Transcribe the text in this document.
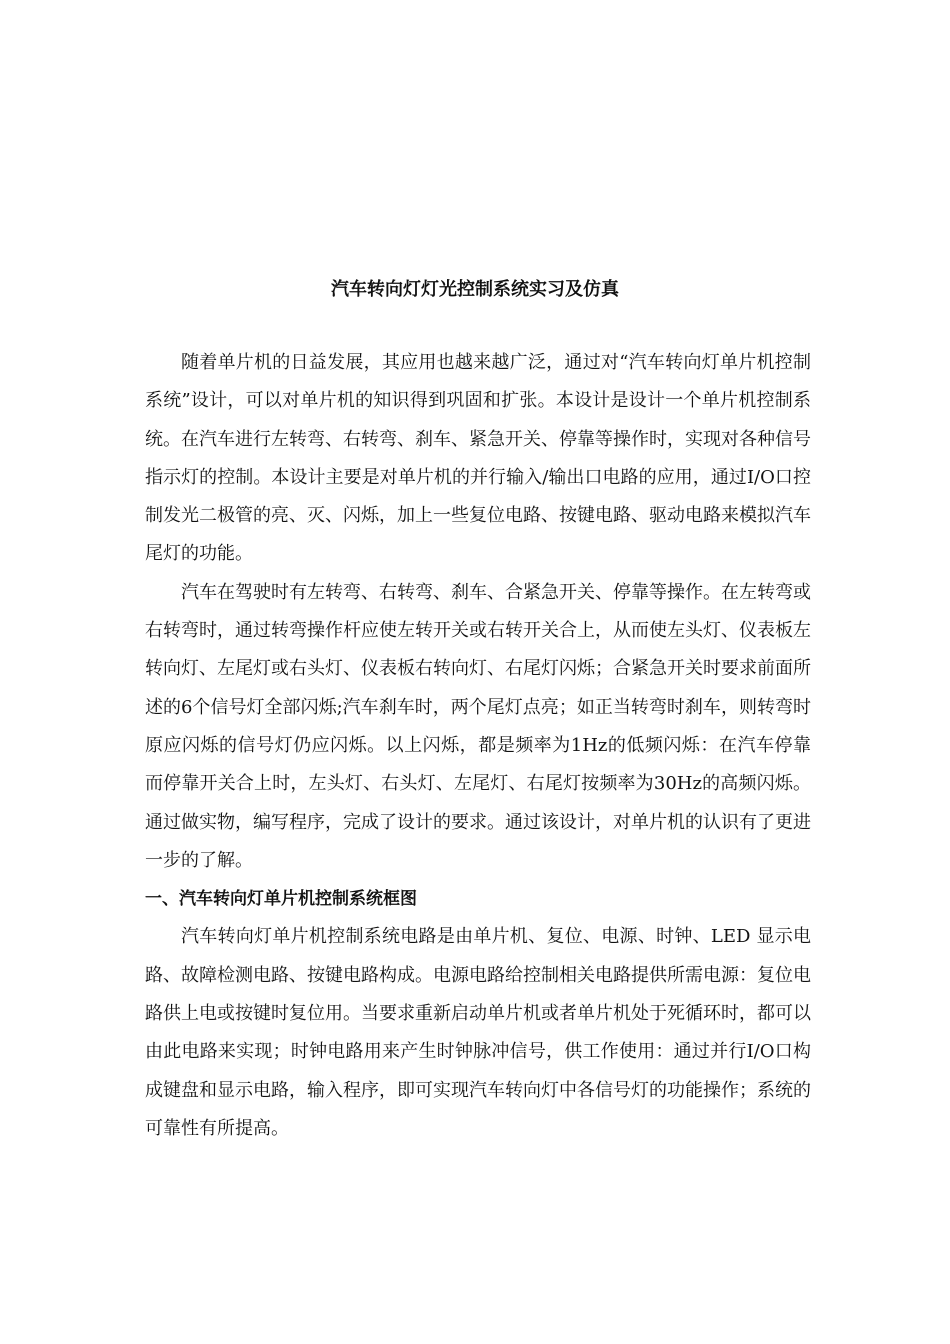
汽车转向灯灯光控制系统实习及仿真

随着单片机的日益发展，其应用也越来越广泛，通过对“汽车转向灯单片机控制系统”设计，可以对单片机的知识得到巩固和扩张。本设计是设计一个单片机控制系统。在汽车进行左转弯、右转弯、刹车、紧急开关、停靠等操作时，实现对各种信号指示灯的控制。本设计主要是对单片机的并行输入/输出口电路的应用，通过I/O口控制发光二极管的亮、灭、闪烁，加上一些复位电路、按键电路、驱动电路来模拟汽车尾灯的功能。

汽车在驾驶时有左转弯、右转弯、刹车、合紧急开关、停靠等操作。在左转弯或右转弯时，通过转弯操作杆应使左转开关或右转开关合上，从而使左头灯、仪表板左转向灯、左尾灯或右头灯、仪表板右转向灯、右尾灯闪烁；合紧急开关时要求前面所述的6个信号灯全部闪烁;汽车刹车时，两个尾灯点亮；如正当转弯时刹车，则转弯时原应闪烁的信号灯仍应闪烁。以上闪烁，都是频率为1Hz的低频闪烁：在汽车停靠而停靠开关合上时，左头灯、右头灯、左尾灯、右尾灯按频率为30Hz的高频闪烁。通过做实物，编写程序，完成了设计的要求。通过该设计，对单片机的认识有了更进一步的了解。

一、汽车转向灯单片机控制系统框图

汽车转向灯单片机控制系统电路是由单片机、复位、电源、时钟、LED 显示电路、故障检测电路、按键电路构成。电源电路给控制相关电路提供所需电源：复位电路供上电或按键时复位用。当要求重新启动单片机或者单片机处于死循环时，都可以由此电路来实现；时钟电路用来产生时钟脉冲信号，供工作使用：通过并行I/O口构成键盘和显示电路，输入程序，即可实现汽车转向灯中各信号灯的功能操作；系统的可靠性有所提高。
